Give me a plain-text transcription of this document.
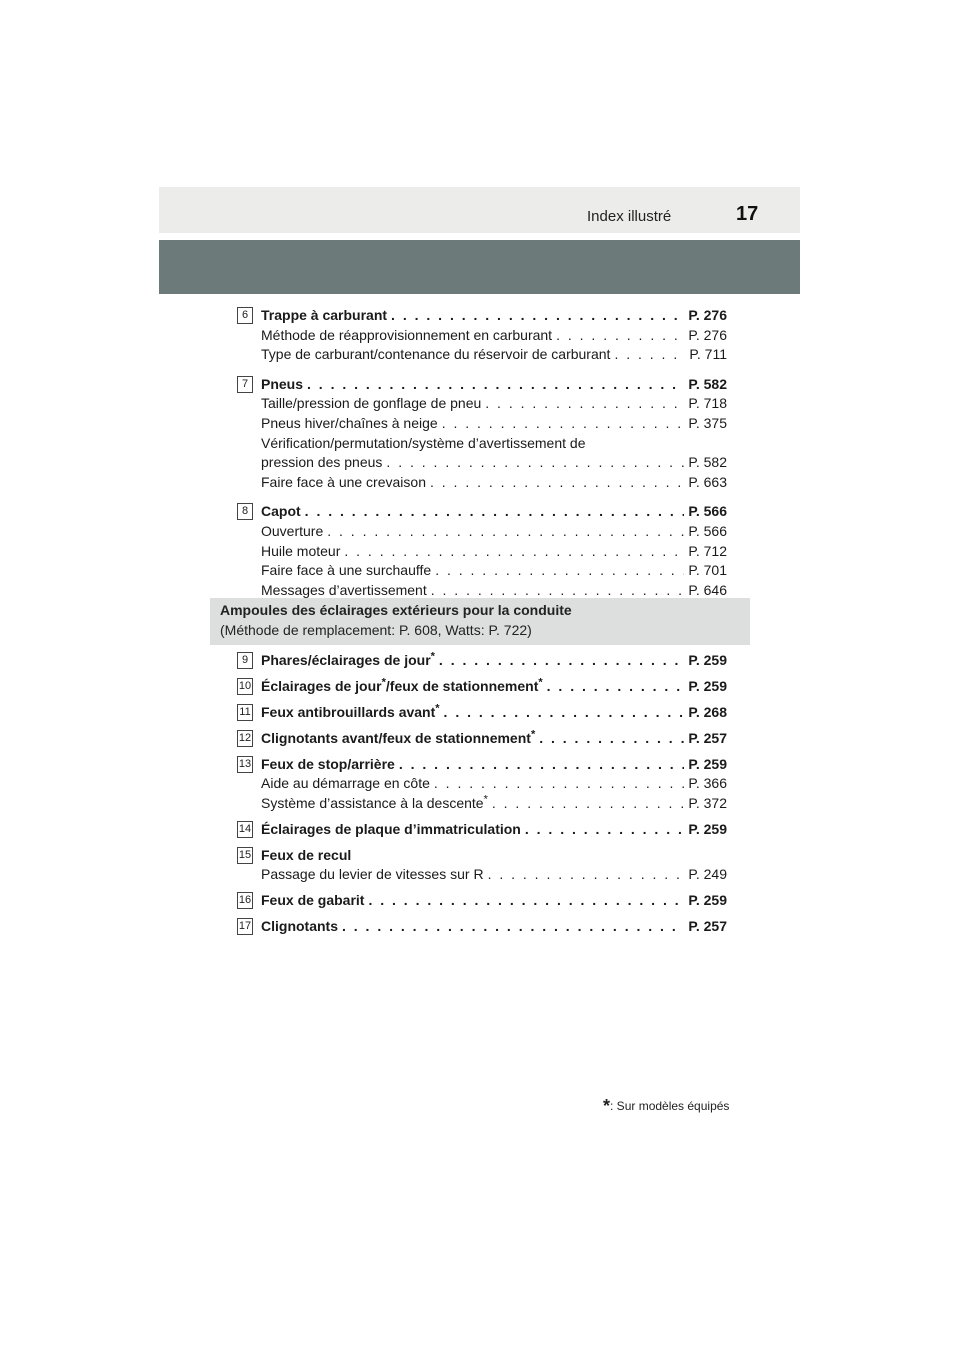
Index illustré	17
6 Trappe à carburant . . .	P. 276
Méthode de réapprovisionnement en carburant . . .	P. 276
Type de carburant/contenance du réservoir de carburant . . .	P. 711
7 Pneus . . .	P. 582
Taille/pression de gonflage de pneu . . .	P. 718
Pneus hiver/chaînes à neige . . .	P. 375
Vérification/permutation/système d’avertissement de
pression des pneus . . .	P. 582
Faire face à une crevaison . . .	P. 663
8 Capot . . .	P. 566
Ouverture . . .	P. 566
Huile moteur . . .	P. 712
Faire face à une surchauffe . . .	P. 701
Messages d’avertissement . . .	P. 646
Ampoules des éclairages extérieurs pour la conduite
(Méthode de remplacement: P. 608, Watts: P. 722)
9 Phares/éclairages de jour* . . .	P. 259
10 Éclairages de jour*/feux de stationnement* . . .	P. 259
11 Feux antibrouillards avant* . . .	P. 268
12 Clignotants avant/feux de stationnement* . . .	P. 257
13 Feux de stop/arrière . . .	P. 259
Aide au démarrage en côte . . .	P. 366
Système d’assistance à la descente* . . .	P. 372
14 Éclairages de plaque d’immatriculation . . .	P. 259
15 Feux de recul
Passage du levier de vitesses sur R . . .	P. 249
16 Feux de gabarit . . .	P. 259
17 Clignotants . . .	P. 257
*: Sur modèles équipés
